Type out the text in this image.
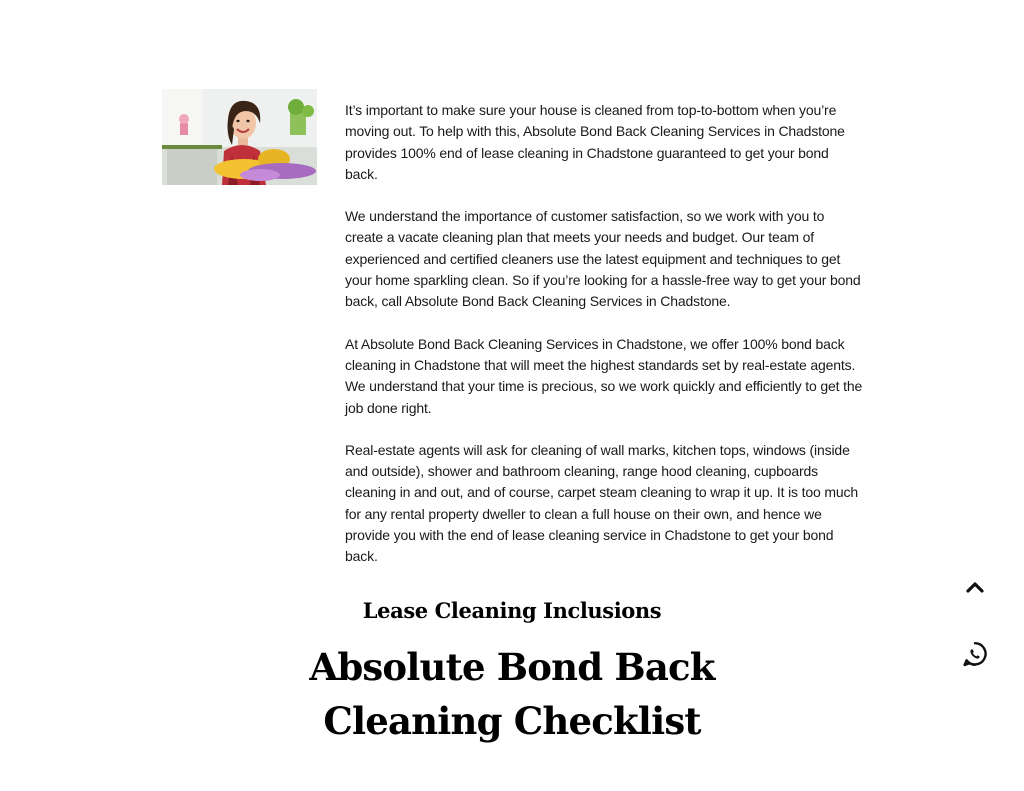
It’s important to make sure your house is cleaned from top-to-bottom when you’re moving out. To help with this, Absolute Bond Back Cleaning Services in Chadstone provides 100% end of lease cleaning in Chadstone guaranteed to get your bond back.

We understand the importance of customer satisfaction, so we work with you to create a vacate cleaning plan that meets your needs and budget. Our team of experienced and certified cleaners use the latest equipment and techniques to get your home sparkling clean. So if you’re looking for a hassle-free way to get your bond back, call Absolute Bond Back Cleaning Services in Chadstone.

At Absolute Bond Back Cleaning Services in Chadstone, we offer 100% bond back cleaning in Chadstone that will meet the highest standards set by real-estate agents. We understand that your time is precious, so we work quickly and efficiently to get the job done right.

Real-estate agents will ask for cleaning of wall marks, kitchen tops, windows (inside and outside), shower and bathroom cleaning, range hood cleaning, cupboards cleaning in and out, and of course, carpet steam cleaning to wrap it up. It is too much for any rental property dweller to clean a full house on their own, and hence we provide you with the end of lease cleaning service in Chadstone to get your bond back.

Lease Cleaning Inclusions
Absolute Bond Back Cleaning Checklist
